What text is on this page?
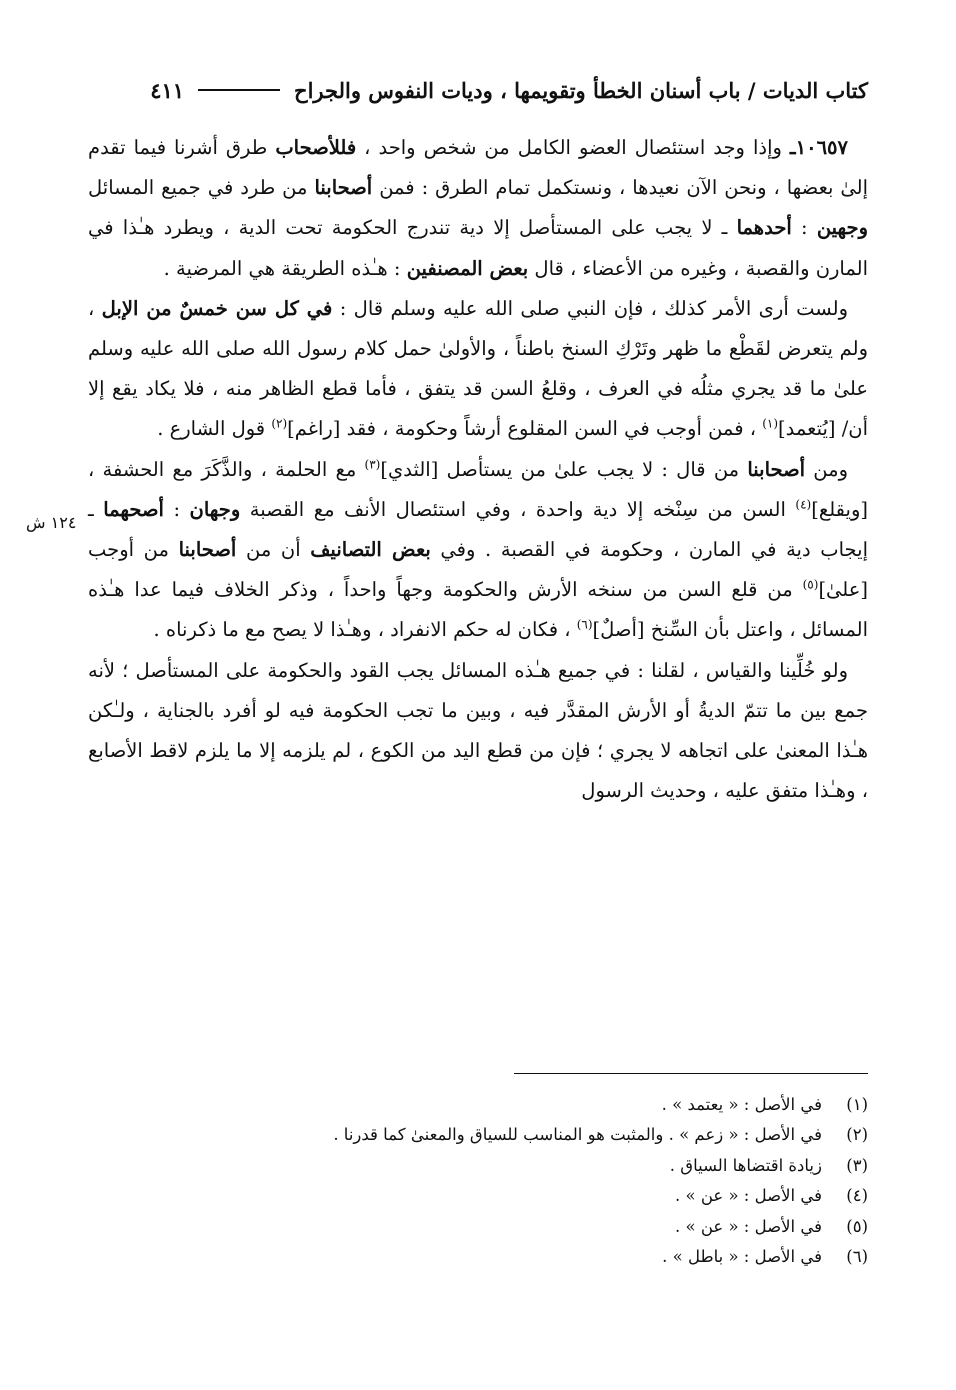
كتاب الديات / باب أسنان الخطأ وتقويمها ، وديات النفوس والجراح
٤١١

١٠٦٥٧ـ وإذا وجد استئصال العضو الكامل من شخص واحد ، فللأصحاب طرق أشرنا فيما تقدم إلىٰ بعضها ، ونحن الآن نعيدها ، ونستكمل تمام الطرق : فمن أصحابنا من طرد في جميع المسائل وجهين : أحدهما ـ لا يجب على المستأصل إلا دية تندرج الحكومة تحت الدية ، ويطرد هـٰذا في المارن والقصبة ، وغيره من الأعضاء ، قال بعض المصنفين : هـٰذه الطريقة هي المرضية .

ولست أرى الأمر كذلك ، فإن النبي صلى الله عليه وسلم قال : في كل سن خمسٌ من الإبل ، ولم يتعرض لقَطْع ما ظهر وتَرْكِ السنخ باطناً ، والأولىٰ حمل كلام رسول الله صلى الله عليه وسلم علىٰ ما قد يجري مثلُه في العرف ، وقلعُ السن قد يتفق ، فأما قطع الظاهر منه ، فلا يكاد يقع إلا أن/ [يُتعمد]$^{(١)}$ ، فمن أوجب في السن المقلوع أرشاً وحكومة ، فقد [راغم]$^{(٢)}$ قول الشارع .

ومن أصحابنا من قال : لا يجب علىٰ من يستأصل [الثدي]$^{(٣)}$ مع الحلمة ، والذَّكَرَ مع الحشفة ، [ويقلع]$^{(٤)}$ السن من سِنْخه إلا دية واحدة ، وفي استئصال الأنف مع القصبة وجهان : أصحهما ـ إيجاب دية في المارن ، وحكومة في القصبة . وفي بعض التصانيف أن من أصحابنا من أوجب [علىٰ]$^{(٥)}$ من قلع السن من سنخه الأرش والحكومة وجهاً واحداً ، وذكر الخلاف فيما عدا هـٰذه المسائل ، واعتل بأن السِّنخ [أصلٌ]$^{(٦)}$ ، فكان له حكم الانفراد ، وهـٰذا لا يصح مع ما ذكرناه .

ولو خُلِّينا والقياس ، لقلنا : في جميع هـٰذه المسائل يجب القود والحكومة على المستأصل ؛ لأنه جمع بين ما تتمّ الديةُ أو الأرش المقدَّر فيه ، وبين ما تجب الحكومة فيه لو أفرد بالجناية ، ولـٰكن هـٰذا المعنىٰ على اتجاهه لا يجري ؛ فإن من قطع اليد من الكوع ، لم يلزمه إلا ما يلزم لاقط الأصابع ، وهـٰذا متفق عليه ، وحديث الرسول

١٢٤ ش
(١)
في الأصل : « يعتمد » .
(٢)
في الأصل : « زعم » . والمثبت هو المناسب للسياق والمعنىٰ كما قدرنا .
(٣)
زيادة اقتضاها السياق .
(٤)
في الأصل : « عن » .
(٥)
في الأصل : « عن » .
(٦)
في الأصل : « باطل » .
